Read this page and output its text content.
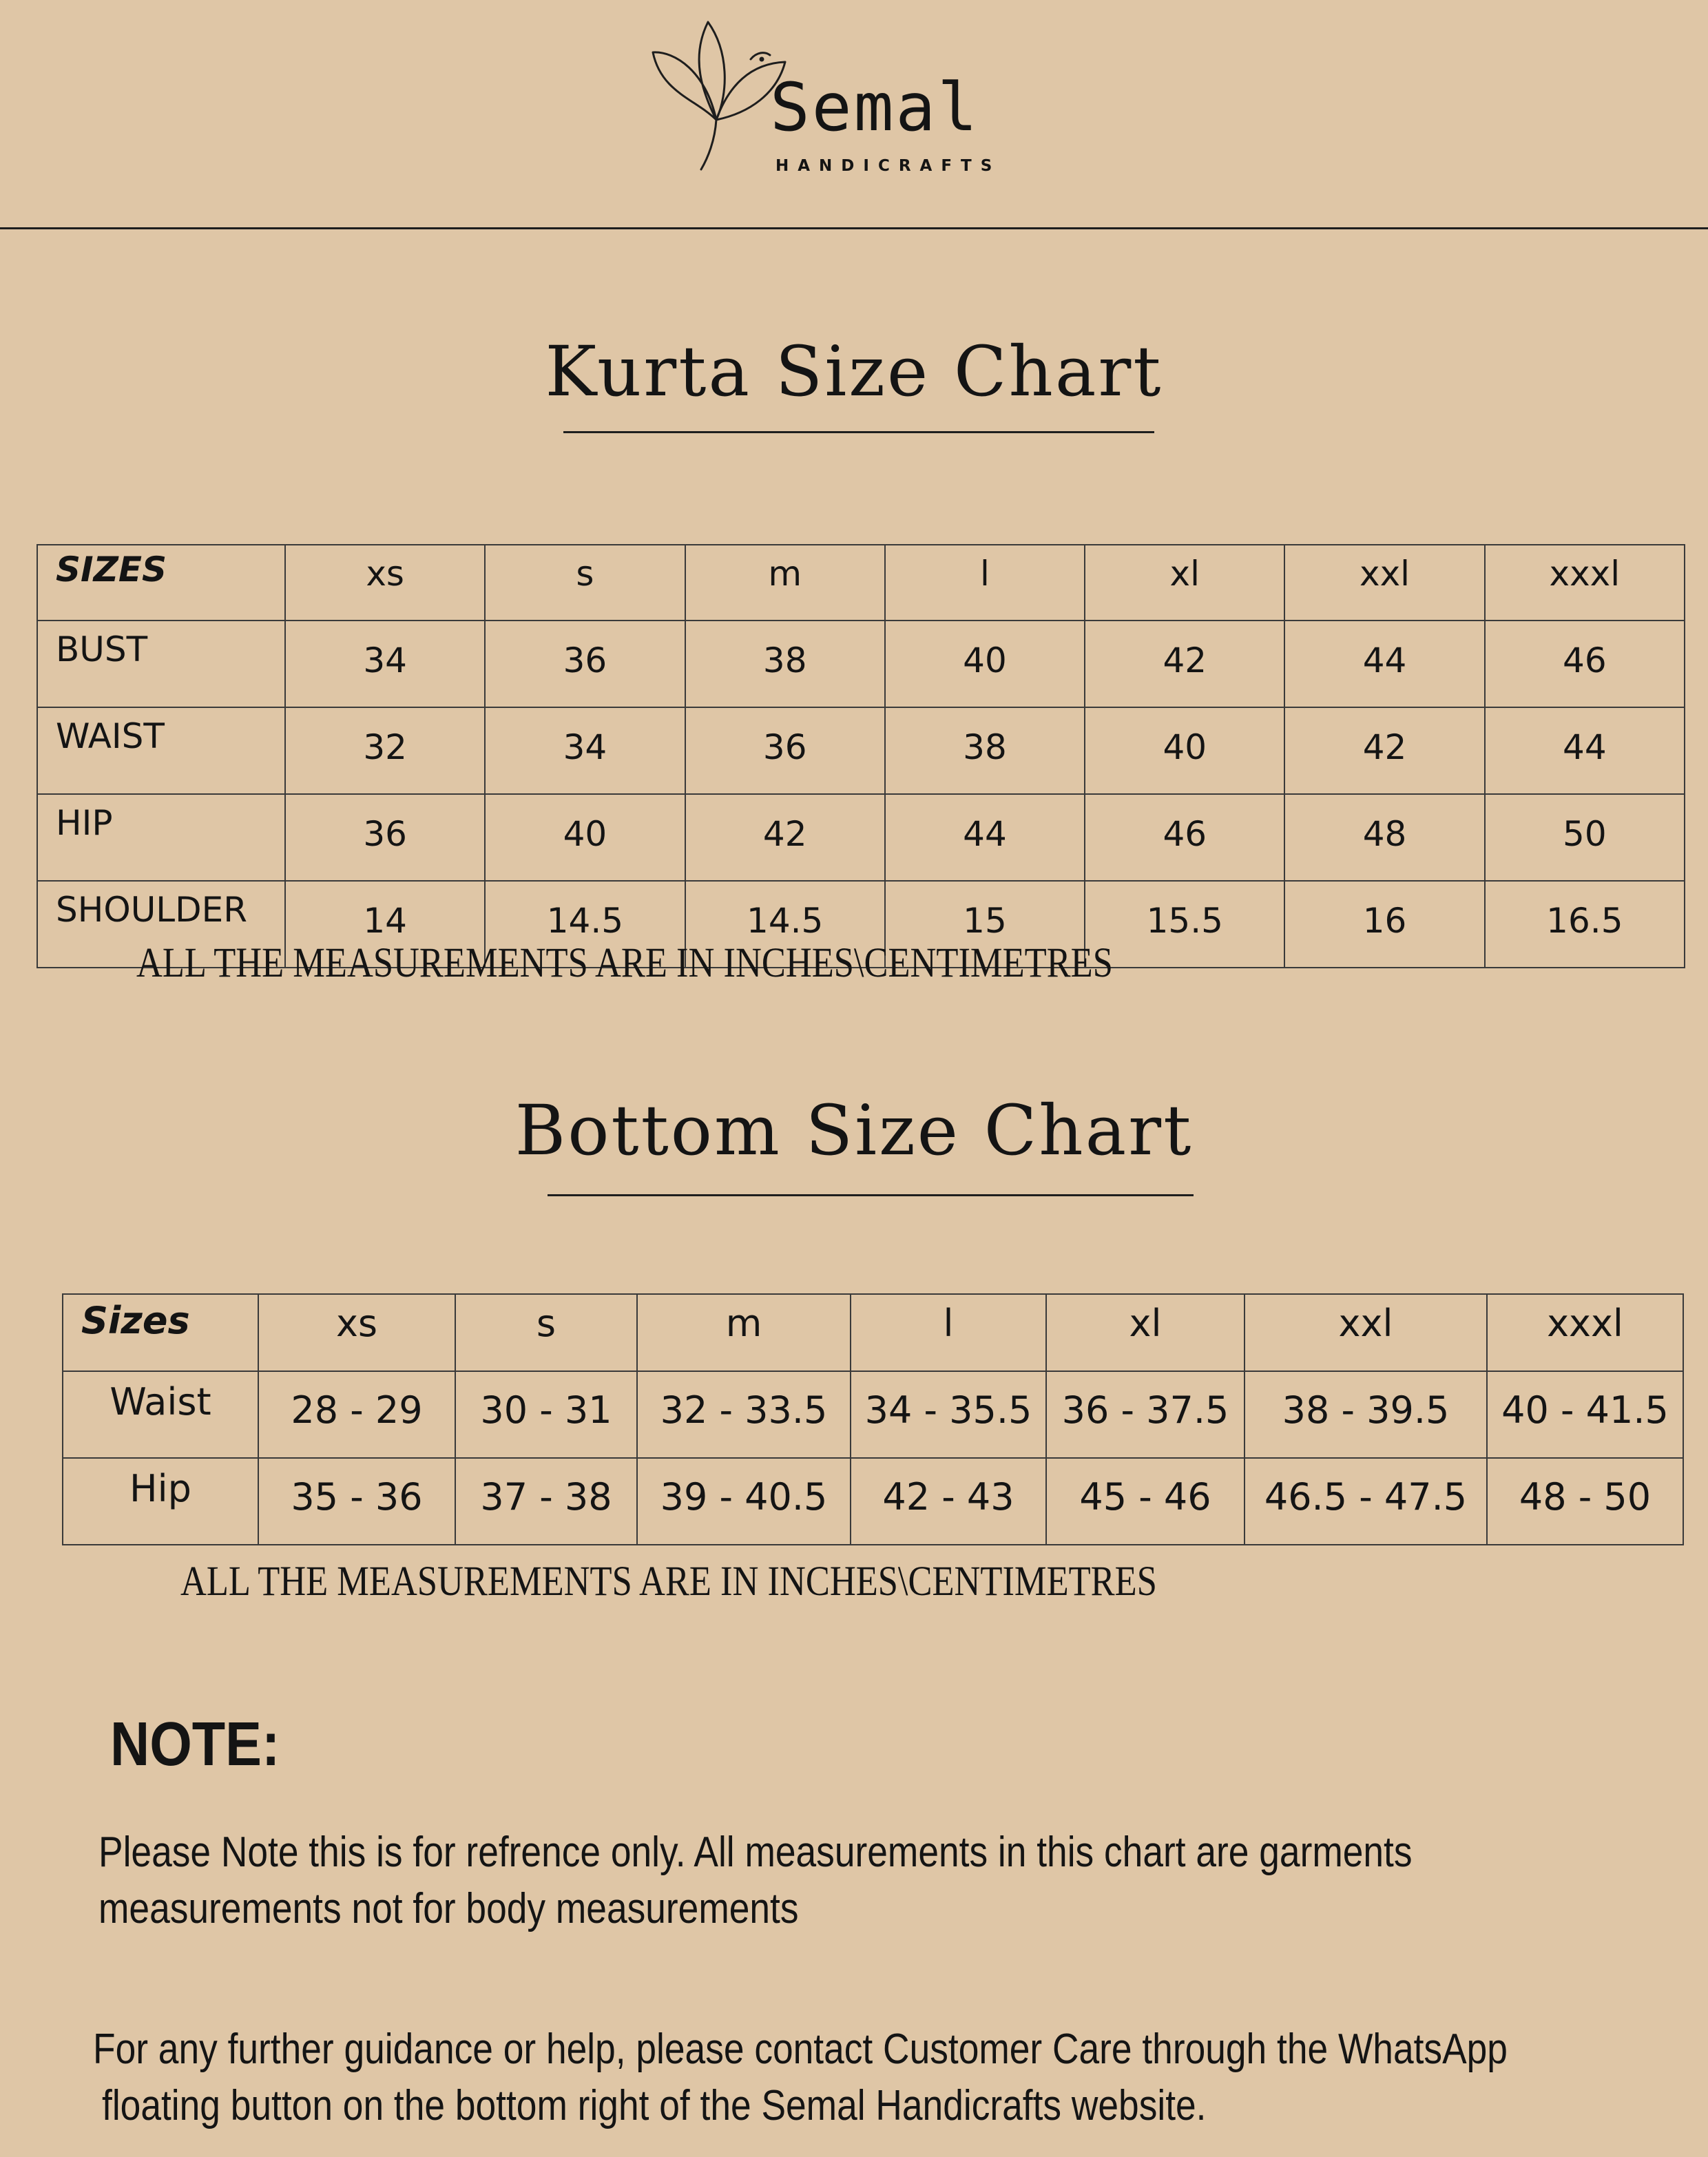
Semal
HANDICRAFTS
Kurta Size Chart
SIZES	xs	s	m	l	xl	xxl	xxxl
BUST	34	36	38	40	42	44	46
WAIST	32	34	36	38	40	42	44
HIP	36	40	42	44	46	48	50
SHOULDER	14	14.5	14.5	15	15.5	16	16.5
ALL THE MEASUREMENTS ARE IN INCHES\CENTIMETRES
Bottom Size Chart
Sizes	xs	s	m	l	xl	xxl	xxxl
Waist	28 - 29	30 - 31	32 - 33.5	34 - 35.5	36 - 37.5	38 - 39.5	40 - 41.5
Hip	35 - 36	37 - 38	39 - 40.5	42 - 43	45 - 46	46.5 - 47.5	48 - 50
ALL THE MEASUREMENTS ARE IN INCHES\CENTIMETRES
NOTE:
Please Note this is for refrence only. All measurements in this chart are garments
measurements not for body measurements
For any further guidance or help, please contact Customer Care through the WhatsApp
floating button on the bottom right of the Semal Handicrafts website.
